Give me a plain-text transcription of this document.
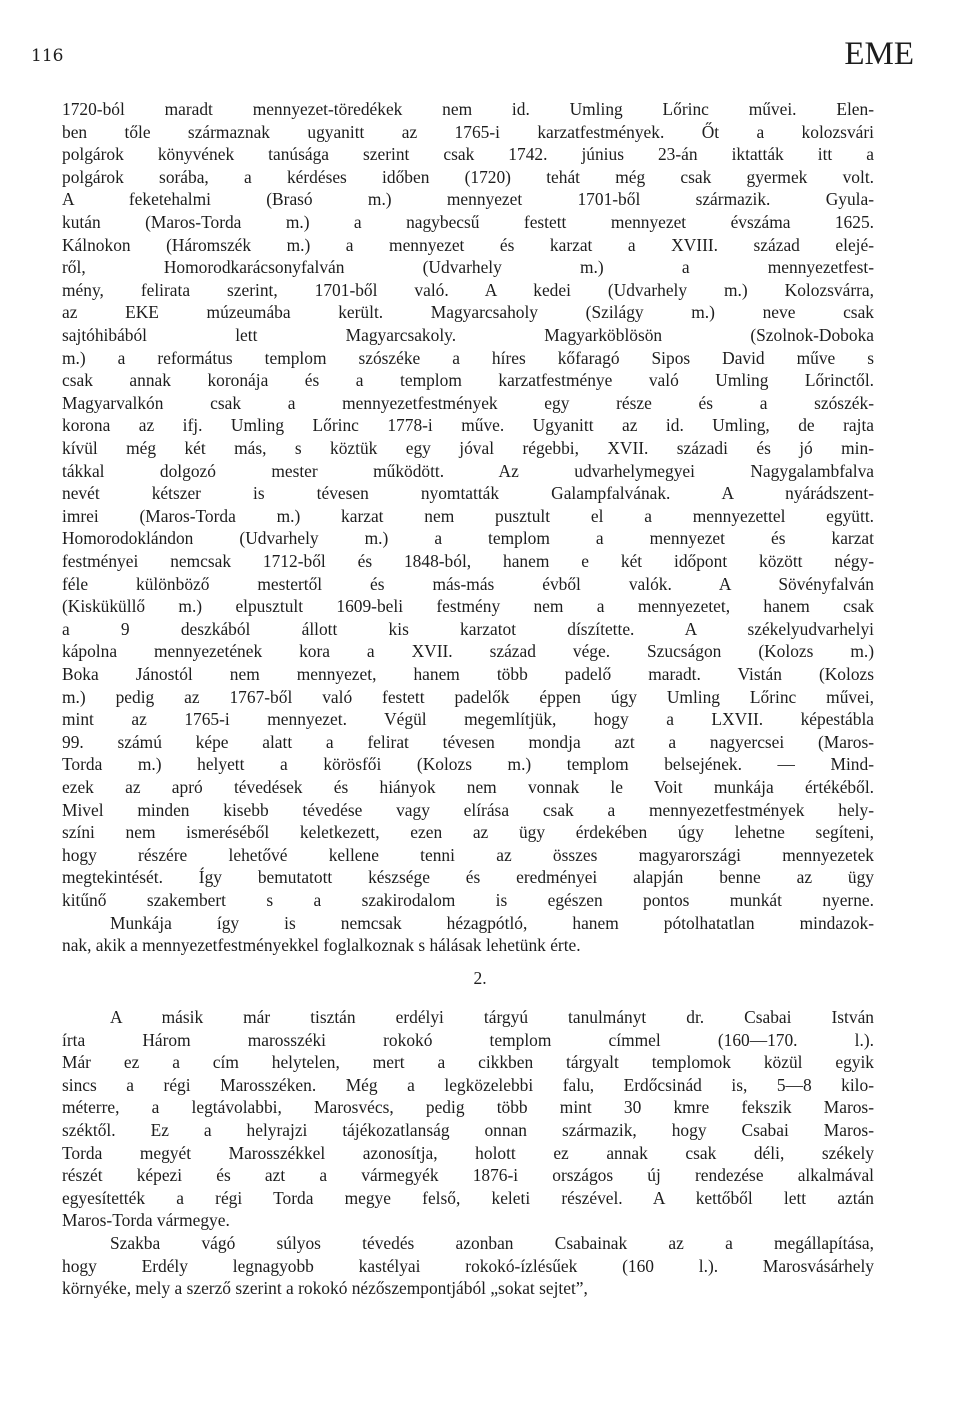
116	EME
1720-ból maradt mennyezet-töredékek nem id. Umling Lőrinc művei. Elen-
ben tőle származnak ugyanitt az 1765-i karzatfestmények. Őt a kolozsvári
polgárok könyvének tanúsága szerint csak 1742. június 23-án iktatták itt a
polgárok sorába, a kérdéses időben (1720) tehát még csak gyermek volt.
A feketehalmi (Brasó m.) mennyezet 1701-ből származik. Gyula-
kután (Maros-Torda m.) a nagybecsű festett mennyezet évszáma 1625.
Kálnokon (Háromszék m.) a mennyezet és karzat a XVIII. század elejé-
ről, Homorodkarácsonyfalván (Udvarhely m.) a mennyezetfest-
mény, felirata szerint, 1701-ből való. A kedei (Udvarhely m.) Kolozsvárra,
az EKE múzeumába került. Magyarcsaholy (Szilágy m.) neve csak
sajtóhibából lett Magyarcsakoly. Magyarköblösön (Szolnok-Doboka
m.) a református templom szószéke a híres kőfaragó Sipos David műve s
csak annak koronája és a templom karzatfestménye való Umling Lőrinctől.
Magyarvalkón csak a mennyezetfestmények egy része és a szószék-
korona az ifj. Umling Lőrinc 1778-i műve. Ugyanitt az id. Umling, de rajta
kívül még két más, s köztük egy jóval régebbi, XVII. századi és jó min-
tákkal dolgozó mester működött. Az udvarhelymegyei Nagygalambfalva
nevét kétszer is tévesen nyomtatták Galampfalvának. A nyárádszent-
imrei (Maros-Torda m.) karzat nem pusztult el a mennyezettel együtt.
Homorodoklándon (Udvarhely m.) a templom a mennyezet és karzat
festményei nemcsak 1712-ből és 1848-ból, hanem e két időpont között négy-
féle különböző mestertől és más-más évből valók. A Sövényfalván
(Kisküküllő m.) elpusztult 1609-beli festmény nem a mennyezetet, hanem csak
a 9 deszkából állott kis karzatot díszítette. A székelyudvarhelyi
kápolna mennyezetének kora a XVII. század vége. Szucságon (Kolozs m.)
Boka Jánostól nem mennyezet, hanem több padelő maradt. Vistán (Kolozs
m.) pedig az 1767-ből való festett padelők éppen úgy Umling Lőrinc művei,
mint az 1765-i mennyezet. Végül megemlítjük, hogy a LXVII. képestábla
99. számú képe alatt a felirat tévesen mondja azt a nagyercsei (Maros-
Torda m.) helyett a körösfői (Kolozs m.) templom belsejének. — Mind-
ezek az apró tévedések és hiányok nem vonnak le Voit munkája értékéből.
Mivel minden kisebb tévedése vagy elírása csak a mennyezetfestmények hely-
színi nem ismeréséből keletkezett, ezen az ügy érdekében úgy lehetne segíteni,
hogy részére lehetővé kellene tenni az összes magyarországi mennyezetek
megtekintését. Így bemutatott készsége és eredményei alapján benne az ügy
kitűnő szakembert s a szakirodalom is egészen pontos munkát nyerne.
Munkája így is nemcsak hézagpótló, hanem pótolhatatlan mindazok-
nak, akik a mennyezetfestményekkel foglalkoznak s hálásak lehetünk érte.
2.
A másik már tisztán erdélyi tárgyú tanulmányt dr. Csabai István
írta Három marosszéki rokokó templom címmel (160—170. l.).
Már ez a cím helytelen, mert a cikkben tárgyalt templomok közül egyik
sincs a régi Marosszéken. Még a legközelebbi falu, Erdőcsinád is, 5—8 kilo-
méterre, a legtávolabbi, Marosvécs, pedig több mint 30 kmre fekszik Maros-
széktől. Ez a helyrajzi tájékozatlanság onnan származik, hogy Csabai Maros-
Torda megyét Marosszékkel azonosítja, holott ez annak csak déli, székely
részét képezi és azt a vármegyék 1876-i országos új rendezése alkalmával
egyesítették a régi Torda megye felső, keleti részével. A kettőből lett aztán
Maros-Torda vármegye.
Szakba vágó súlyos tévedés azonban Csabainak az a megállapítása,
hogy Erdély legnagyobb kastélyai rokokó-ízlésűek (160 l.). Marosvásárhely
környéke, mely a szerző szerint a rokokó nézőszempontjából „sokat sejtet”,
